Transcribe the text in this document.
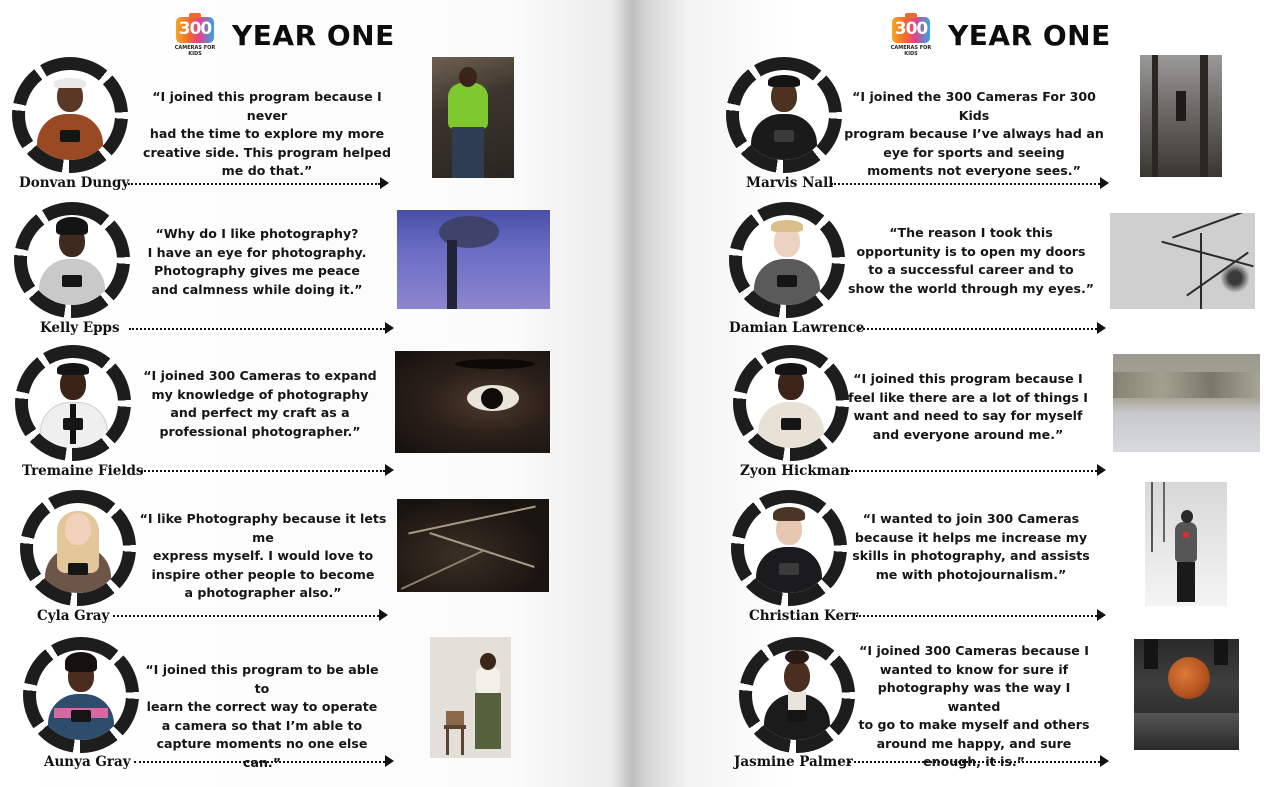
300
CAMERAS FOR KIDS
YEAR ONE
Donvan Dungy
“I joined this program because I never
had the time to explore my more
creative side. This program helped
me do that.”
Kelly Epps
“Why do I like photography?
I have an eye for photography.
Photography gives me peace
and calmness while doing it.”
Tremaine Fields
“I joined 300 Cameras to expand
my knowledge of photography
and perfect my craft as a
professional photographer.”
Cyla Gray
“I like Photography because it lets me
express myself. I would love to
inspire other people to become
a photographer also.”
Aunya Gray
“I joined this program to be able to
learn the correct way to operate
a camera so that I’m able to
capture moments no one else can.”
300
CAMERAS FOR KIDS
YEAR ONE
Marvis Nall
“I joined the 300 Cameras For 300 Kids
program because I’ve always had an
eye for sports and seeing
moments not everyone sees.”
Damian Lawrence
“The reason I took this
opportunity is to open my doors
to a successful career and to
show the world through my eyes.”
Zyon Hickman
“I joined this program because I
feel like there are a lot of things I
want and need to say for myself
and everyone around me.”
Christian Kerr
“I wanted to join 300 Cameras
because it helps me increase my
skills in photography, and assists
me with photojournalism.”
Jasmine Palmer
“I joined 300 Cameras because I
wanted to know for sure if
photography was the way I wanted
to go to make myself and others
around me happy, and sure
enough, it is.”
